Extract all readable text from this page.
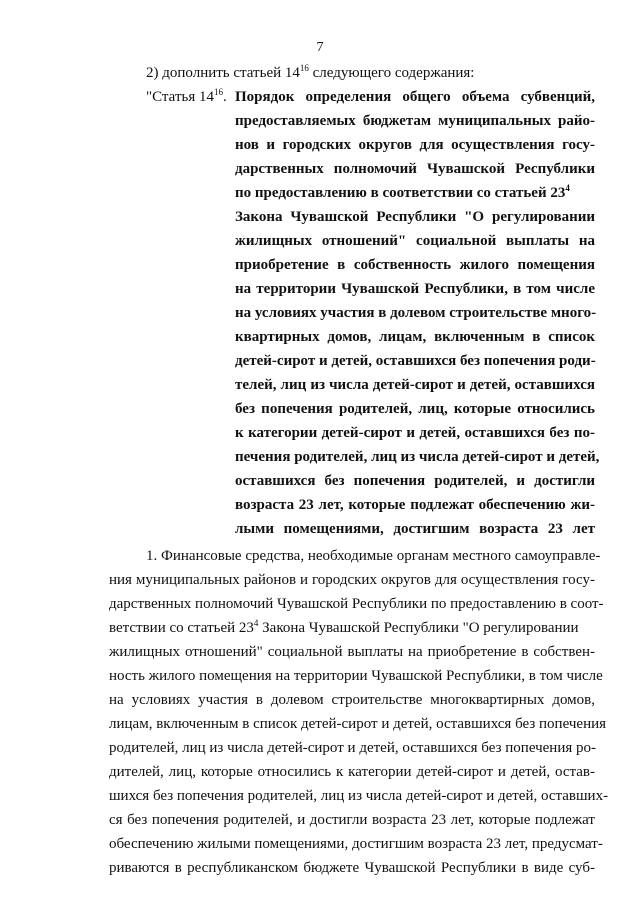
7
2) дополнить статьей $14^{16}$ следующего содержания:
"Статья $14^{16}$. Порядок определения общего объема субвенций,
предоставляемых бюджетам муниципальных райо-
нов и городских округов для осуществления госу-
дарственных полномочий Чувашской Республики
по предоставлению в соответствии со статьей $23^4$
Закона Чувашской Республики "О регулировании
жилищных отношений" социальной выплаты на
приобретение в собственность жилого помещения
на территории Чувашской Республики, в том числе
на условиях участия в долевом строительстве много-
квартирных домов, лицам, включенным в список
детей-сирот и детей, оставшихся без попечения роди-
телей, лиц из числа детей-сирот и детей, оставшихся
без попечения родителей, лиц, которые относились
к категории детей-сирот и детей, оставшихся без по-
печения родителей, лиц из числа детей-сирот и детей,
оставшихся без попечения родителей, и достигли
возраста 23 лет, которые подлежат обеспечению жи-
лыми помещениями, достигшим возраста 23 лет
1. Финансовые средства, необходимые органам местного самоуправле-
ния муниципальных районов и городских округов для осуществления госу-
дарственных полномочий Чувашской Республики по предоставлению в соот-
ветствии со статьей $23^4$ Закона Чувашской Республики "О регулировании
жилищных отношений" социальной выплаты на приобретение в собствен-
ность жилого помещения на территории Чувашской Республики, в том числе
на условиях участия в долевом строительстве многоквартирных домов,
лицам, включенным в список детей-сирот и детей, оставшихся без попечения
родителей, лиц из числа детей-сирот и детей, оставшихся без попечения ро-
дителей, лиц, которые относились к категории детей-сирот и детей, остав-
шихся без попечения родителей, лиц из числа детей-сирот и детей, оставших-
ся без попечения родителей, и достигли возраста 23 лет, которые подлежат
обеспечению жилыми помещениями, достигшим возраста 23 лет, предусмат-
риваются в республиканском бюджете Чувашской Республики в виде суб-
